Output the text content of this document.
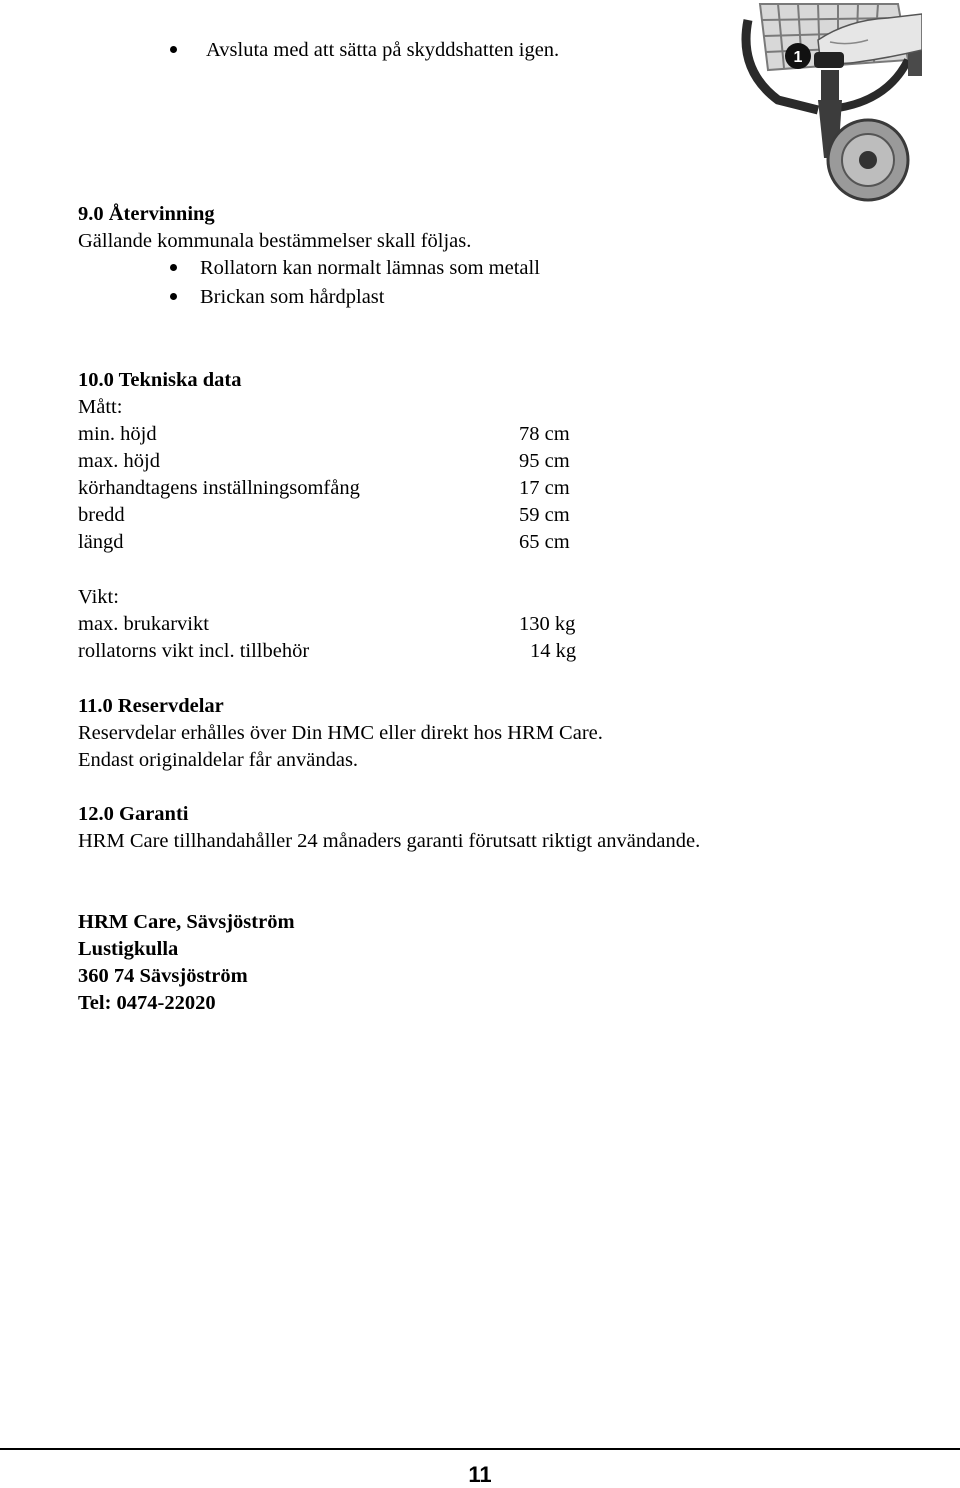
Avsluta med att sätta på skyddshatten igen.	1
9.0 Återvinning
Gällande kommunala bestämmelser skall följas.
Rollatorn kan normalt lämnas som metall
Brickan som hårdplast
10.0 Tekniska data
Mått:
min. höjd	78 cm
max. höjd	95 cm
körhandtagens inställningsomfång	17 cm
bredd	59 cm
längd	65 cm
Vikt:
max. brukarvikt	130 kg
rollatorns vikt incl. tillbehör	14 kg
11.0 Reservdelar
Reservdelar erhålles över Din HMC eller direkt hos HRM Care.
Endast originaldelar får användas.
12.0 Garanti
HRM Care tillhandahåller 24 månaders garanti förutsatt riktigt användande.
HRM Care, Sävsjöström
Lustigkulla
360 74 Sävsjöström
Tel: 0474-22020
11
